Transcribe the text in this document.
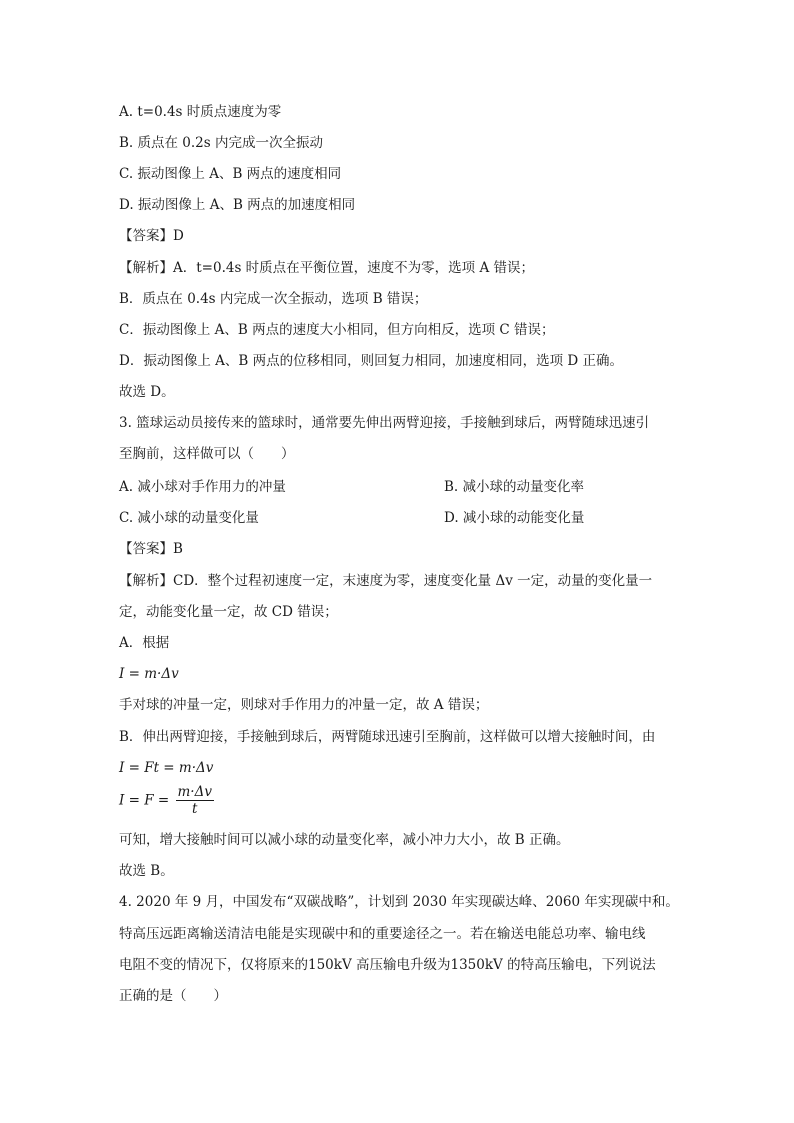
A. t=0.4s 时质点速度为零
B. 质点在 0.2s 内完成一次全振动
C. 振动图像上 A、B 两点的速度相同
D. 振动图像上 A、B 两点的加速度相同
【答案】D
【解析】A．t=0.4s 时质点在平衡位置，速度不为零，选项 A 错误；
B．质点在 0.4s 内完成一次全振动，选项 B 错误；
C．振动图像上 A、B 两点的速度大小相同，但方向相反，选项 C 错误；
D．振动图像上 A、B 两点的位移相同，则回复力相同，加速度相同，选项 D 正确。
故选 D。
3. 篮球运动员接传来的篮球时，通常要先伸出两臂迎接，手接触到球后，两臂随球迅速引
至胸前，这样做可以（　　）
A. 减小球对手作用力的冲量	B. 减小球的动量变化率
C. 减小球的动量变化量	D. 减小球的动能变化量
【答案】B
【解析】CD．整个过程初速度一定，末速度为零，速度变化量 Δv 一定，动量的变化量一
定，动能变化量一定，故 CD 错误；
A．根据
I = m·Δv
手对球的冲量一定，则球对手作用力的冲量一定，故 A 错误；
B．伸出两臂迎接，手接触到球后，两臂随球迅速引至胸前，这样做可以增大接触时间，由
I = Ft = m·Δv
$I = F = \frac{m\cdot\Delta v}{t}$
可知，增大接触时间可以减小球的动量变化率，减小冲力大小，故 B 正确。
故选 B。
4. 2020 年 9 月，中国发布“双碳战略”，计划到 2030 年实现碳达峰、2060 年实现碳中和。
特高压远距离输送清洁电能是实现碳中和的重要途径之一。若在输送电能总功率、输电线
电阻不变的情况下，仅将原来的150kV 高压输电升级为1350kV 的特高压输电，下列说法
正确的是（　　）
